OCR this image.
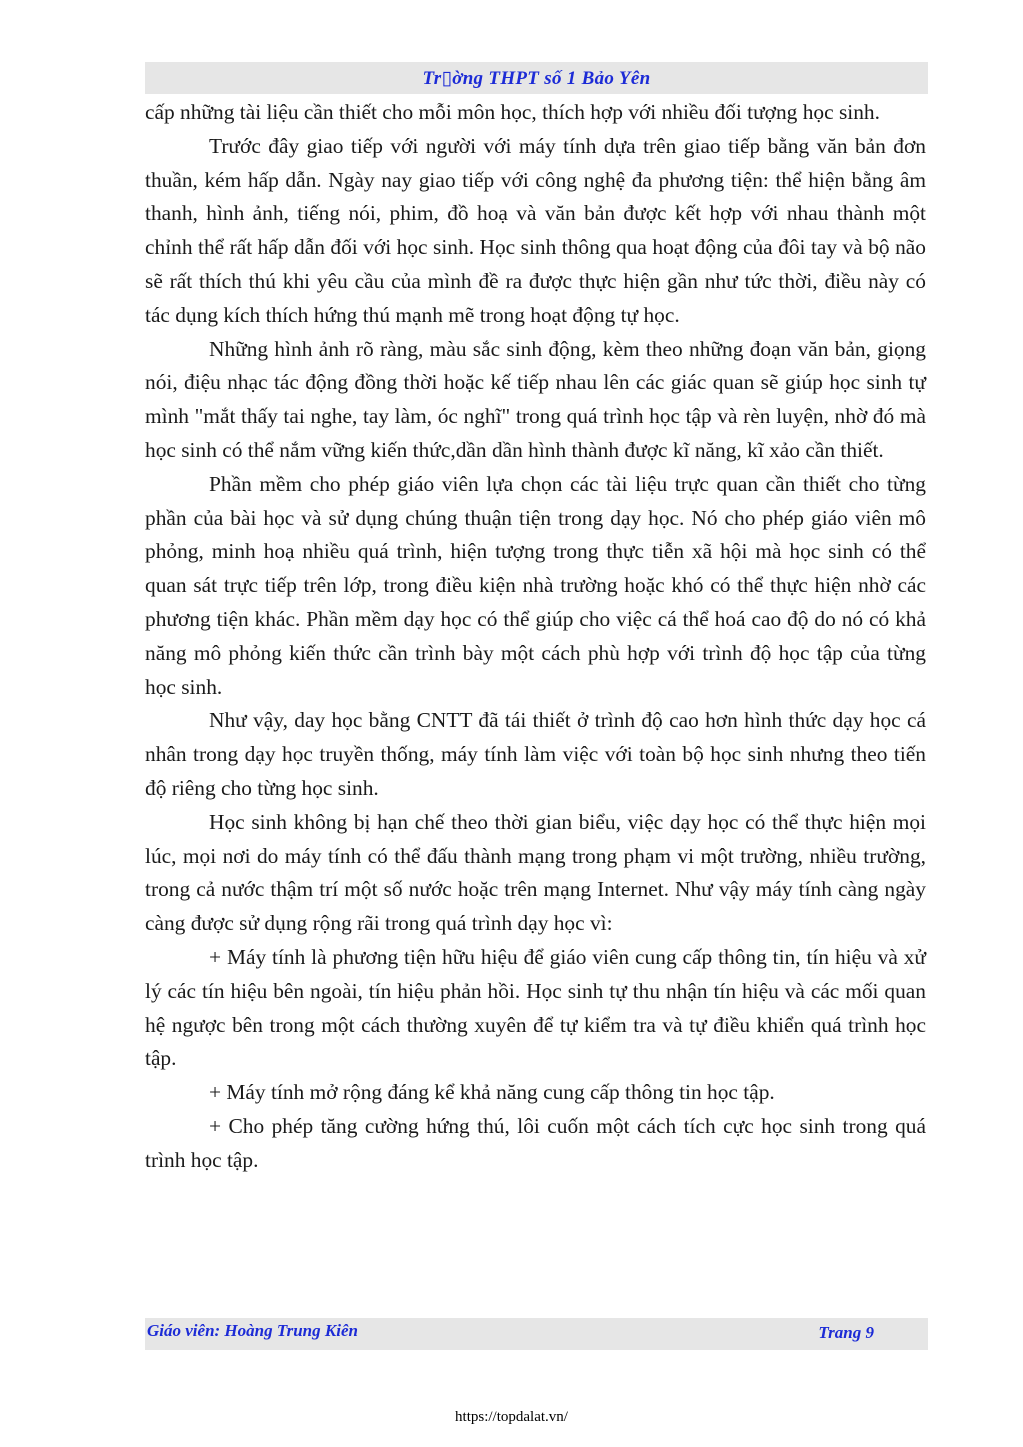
Tr▯ờng THPT số 1 Bảo Yên

cấp những tài liệu cần thiết cho mỗi môn học, thích hợp với nhiều đối tượng học sinh.

Trước đây giao tiếp với người với máy tính dựa trên giao tiếp bằng văn bản đơn thuần, kém hấp dẫn. Ngày nay giao tiếp với công nghệ đa phương tiện: thể hiện bằng âm thanh, hình ảnh, tiếng nói, phim, đồ hoạ và văn bản được kết hợp với nhau thành một chỉnh thể rất hấp dẫn đối với học sinh. Học sinh thông qua hoạt động của đôi tay và bộ não sẽ rất thích thú khi yêu cầu của mình đề ra được thực hiện gần như tức thời, điều này có tác dụng kích thích hứng thú mạnh mẽ trong hoạt động tự học.

Những hình ảnh rõ ràng, màu sắc sinh động, kèm theo những đoạn văn bản, giọng nói, điệu nhạc tác động đồng thời hoặc kế tiếp nhau lên các giác quan sẽ giúp học sinh tự mình "mắt thấy tai nghe, tay làm, óc nghĩ" trong quá trình học tập và rèn luyện, nhờ đó mà học sinh có thể nắm vững kiến thức,dần dần hình thành được kĩ năng, kĩ xảo cần thiết.

Phần mềm cho phép giáo viên lựa chọn các tài liệu trực quan cần thiết cho từng phần của bài học và sử dụng chúng thuận tiện trong dạy học. Nó cho phép giáo viên mô phỏng, minh hoạ nhiều quá trình, hiện tượng trong thực tiễn xã hội mà học sinh có thể quan sát trực tiếp trên lớp, trong điều kiện nhà trường hoặc khó có thể thực hiện nhờ các phương tiện khác. Phần mềm dạy học có thể giúp cho việc cá thể hoá cao độ do nó có khả năng mô phỏng kiến thức cần trình bày một cách phù hợp với trình độ học tập của từng học sinh.

Như vậy, day học bằng CNTT đã tái thiết ở trình độ cao hơn hình thức dạy học cá nhân trong dạy học truyền thống, máy tính làm việc với toàn bộ học sinh nhưng theo tiến độ riêng cho từng học sinh.

Học sinh không bị hạn chế theo thời gian biểu, việc dạy học có thể thực hiện mọi lúc, mọi nơi do máy tính có thể đấu thành mạng trong phạm vi một trường, nhiều trường, trong cả nước thậm trí một số nước hoặc trên mạng Internet. Như vậy máy tính càng ngày càng được sử dụng rộng rãi trong quá trình dạy học vì:

+ Máy tính là phương tiện hữu hiệu để giáo viên cung cấp thông tin, tín hiệu và xử lý các tín hiệu bên ngoài, tín hiệu phản hồi. Học sinh tự thu nhận tín hiệu và các mối quan hệ ngược bên trong một cách thường xuyên để tự kiểm tra và tự điều khiển quá trình học tập.

+ Máy tính mở rộng đáng kể khả năng cung cấp thông tin học tập.

+ Cho phép tăng cường hứng thú, lôi cuốn một cách tích cực học sinh trong quá trình học tập.

Giáo viên: Hoàng Trung Kiên	Trang 9
https://topdalat.vn/
